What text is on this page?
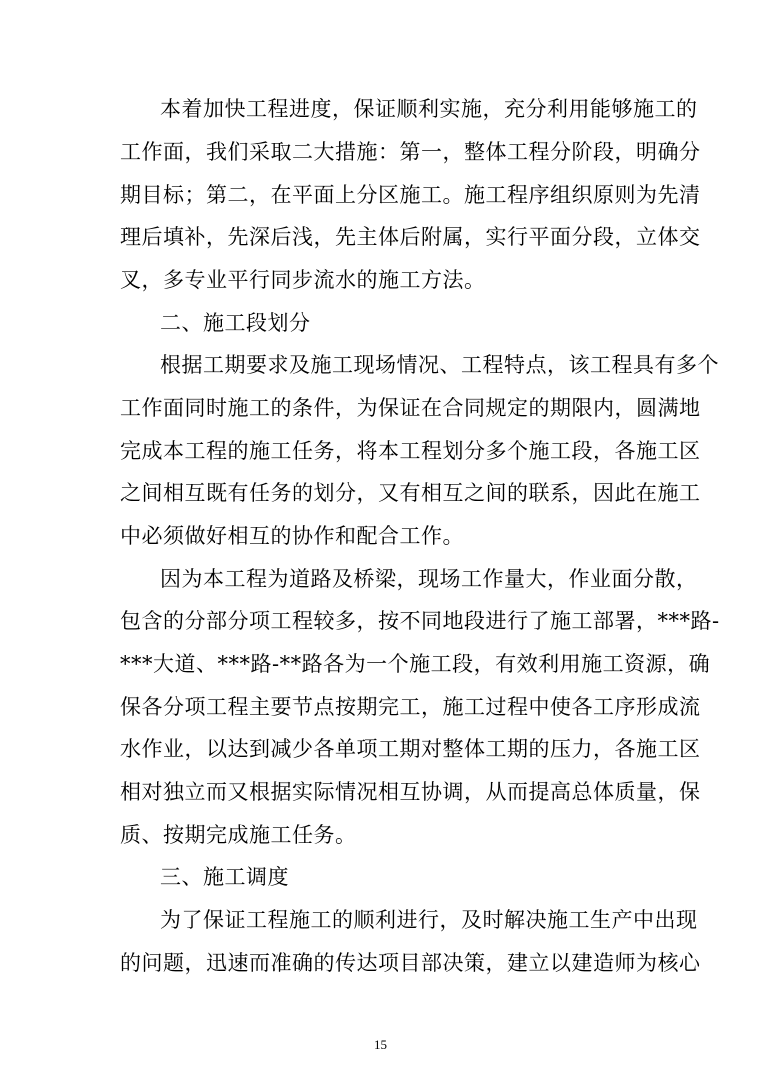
本着加快工程进度，保证顺利实施，充分利用能够施工的
工作面，我们采取二大措施：第一，整体工程分阶段，明确分
期目标；第二，在平面上分区施工。施工程序组织原则为先清
理后填补，先深后浅，先主体后附属，实行平面分段，立体交
叉，多专业平行同步流水的施工方法。
二、施工段划分
根据工期要求及施工现场情况、工程特点，该工程具有多个
工作面同时施工的条件，为保证在合同规定的期限内，圆满地
完成本工程的施工任务，将本工程划分多个施工段，各施工区
之间相互既有任务的划分，又有相互之间的联系，因此在施工
中必须做好相互的协作和配合工作。
因为本工程为道路及桥梁，现场工作量大，作业面分散，
包含的分部分项工程较多，按不同地段进行了施工部署，***路-
***大道、***路-**路各为一个施工段，有效利用施工资源，确
保各分项工程主要节点按期完工，施工过程中使各工序形成流
水作业，以达到减少各单项工期对整体工期的压力，各施工区
相对独立而又根据实际情况相互协调，从而提高总体质量，保
质、按期完成施工任务。
三、施工调度
为了保证工程施工的顺利进行，及时解决施工生产中出现
的问题，迅速而准确的传达项目部决策，建立以建造师为核心
15
